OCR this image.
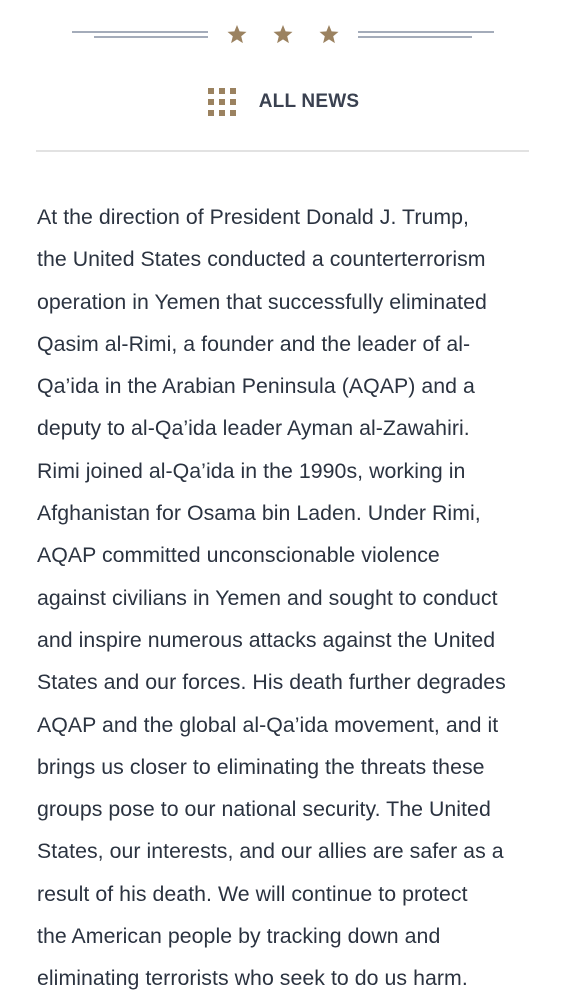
ALL NEWS

At the direction of President Donald J. Trump,
the United States conducted a counterterrorism
operation in Yemen that successfully eliminated
Qasim al-Rimi, a founder and the leader of al-
Qa’ida in the Arabian Peninsula (AQAP) and a
deputy to al-Qa’ida leader Ayman al-Zawahiri.
Rimi joined al-Qa’ida in the 1990s, working in
Afghanistan for Osama bin Laden. Under Rimi,
AQAP committed unconscionable violence
against civilians in Yemen and sought to conduct
and inspire numerous attacks against the United
States and our forces. His death further degrades
AQAP and the global al-Qa’ida movement, and it
brings us closer to eliminating the threats these
groups pose to our national security. The United
States, our interests, and our allies are safer as a
result of his death. We will continue to protect
the American people by tracking down and
eliminating terrorists who seek to do us harm.
